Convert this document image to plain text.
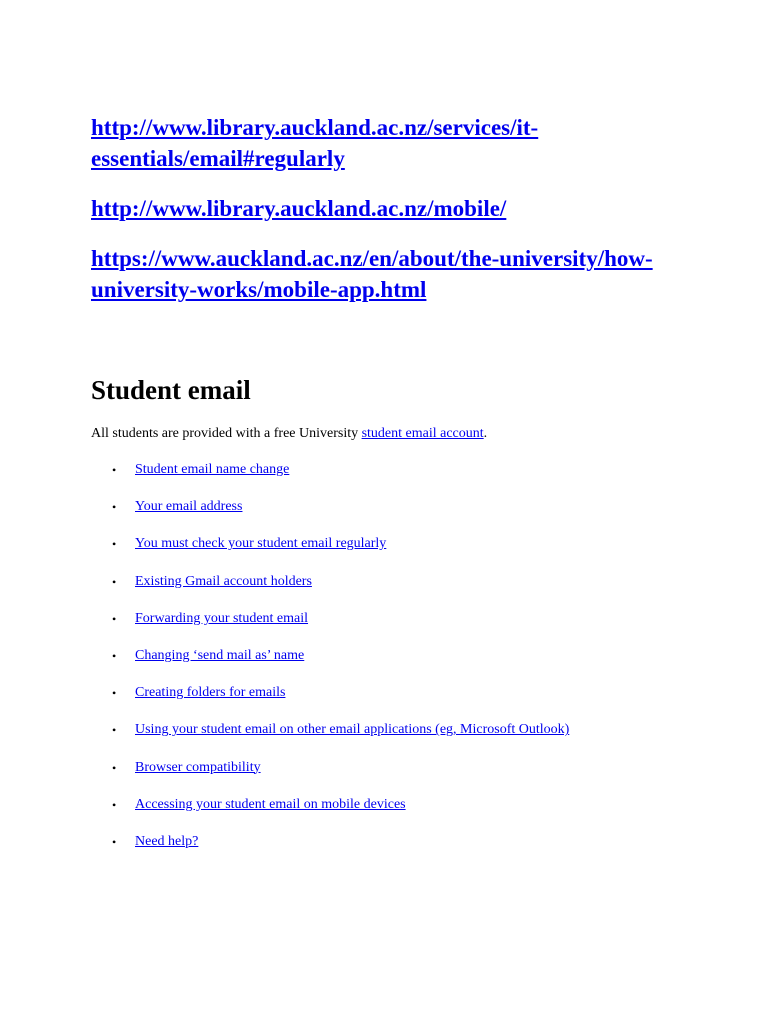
http://www.library.auckland.ac.nz/services/it-essentials/email#regularly
http://www.library.auckland.ac.nz/mobile/
https://www.auckland.ac.nz/en/about/the-university/how-university-works/mobile-app.html
Student email

All students are provided with a free University student email account.

• Student email name change
• Your email address
• You must check your student email regularly
• Existing Gmail account holders
• Forwarding your student email
• Changing ‘send mail as’ name
• Creating folders for emails
• Using your student email on other email applications (eg, Microsoft Outlook)
• Browser compatibility
• Accessing your student email on mobile devices
• Need help?
